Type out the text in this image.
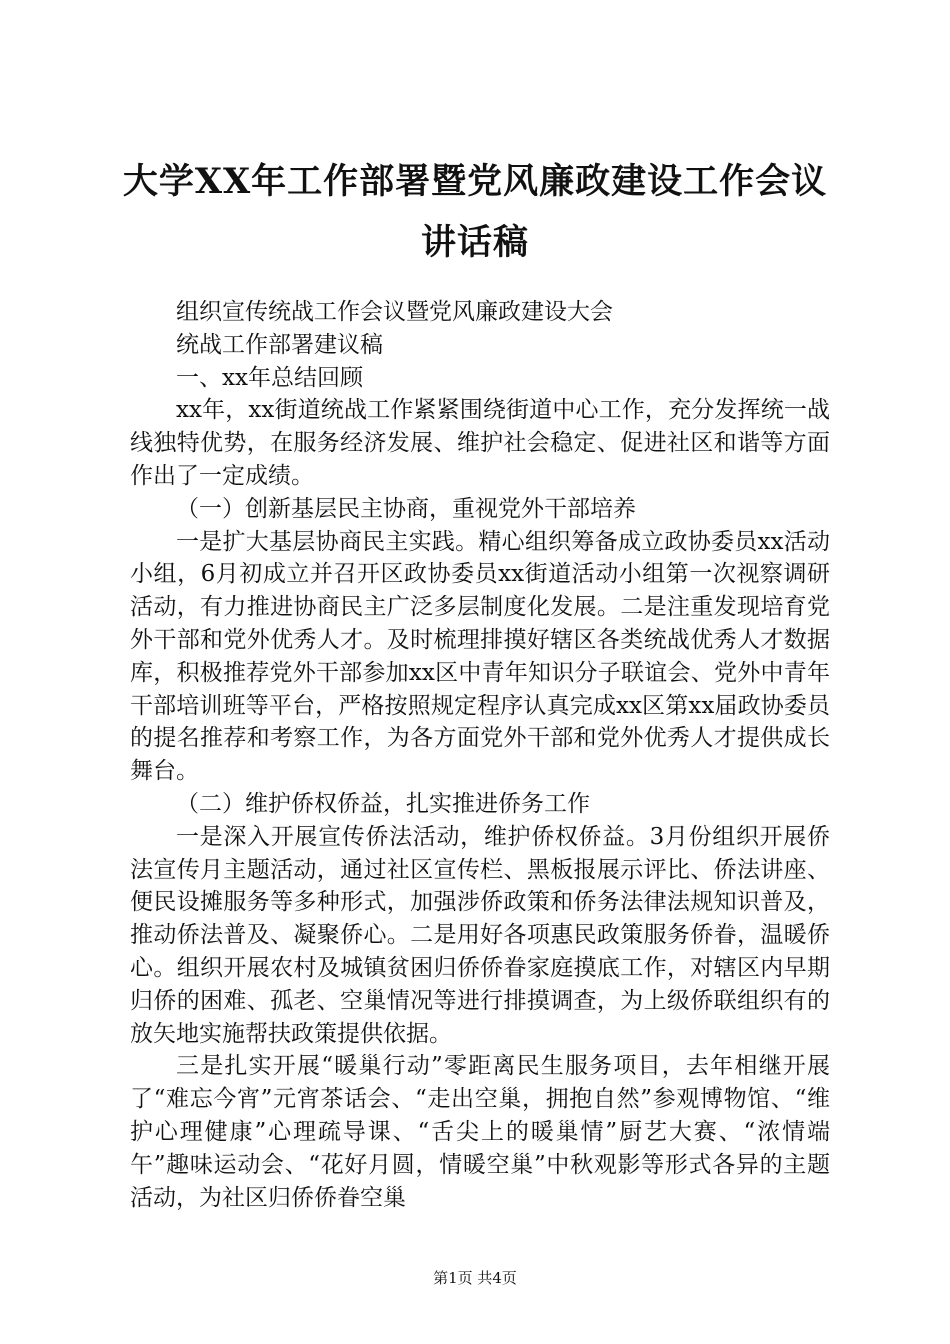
大学XX年工作部署暨党风廉政建设工作会议
讲话稿

组织宣传统战工作会议暨党风廉政建设大会

统战工作部署建议稿

一、xx年总结回顾

xx年，xx街道统战工作紧紧围绕街道中心工作，充分发挥统一战线独特优势，在服务经济发展、维护社会稳定、促进社区和谐等方面作出了一定成绩。

（一）创新基层民主协商，重视党外干部培养

一是扩大基层协商民主实践。精心组织筹备成立政协委员xx活动小组，6月初成立并召开区政协委员xx街道活动小组第一次视察调研活动，有力推进协商民主广泛多层制度化发展。二是注重发现培育党外干部和党外优秀人才。及时梳理排摸好辖区各类统战优秀人才数据库，积极推荐党外干部参加xx区中青年知识分子联谊会、党外中青年干部培训班等平台，严格按照规定程序认真完成xx区第xx届政协委员的提名推荐和考察工作，为各方面党外干部和党外优秀人才提供成长舞台。

（二）维护侨权侨益，扎实推进侨务工作

一是深入开展宣传侨法活动，维护侨权侨益。3月份组织开展侨法宣传月主题活动，通过社区宣传栏、黑板报展示评比、侨法讲座、便民设摊服务等多种形式，加强涉侨政策和侨务法律法规知识普及，推动侨法普及、凝聚侨心。二是用好各项惠民政策服务侨眷，温暖侨心。组织开展农村及城镇贫困归侨侨眷家庭摸底工作，对辖区内早期归侨的困难、孤老、空巢情况等进行排摸调查，为上级侨联组织有的放矢地实施帮扶政策提供依据。

三是扎实开展“暖巢行动”零距离民生服务项目，去年相继开展了“难忘今宵”元宵茶话会、“走出空巢，拥抱自然”参观博物馆、“维护心理健康”心理疏导课、“舌尖上的暖巢情”厨艺大赛、“浓情端午”趣味运动会、“花好月圆，情暖空巢”中秋观影等形式各异的主题活动，为社区归侨侨眷空巢

第1页 共4页
